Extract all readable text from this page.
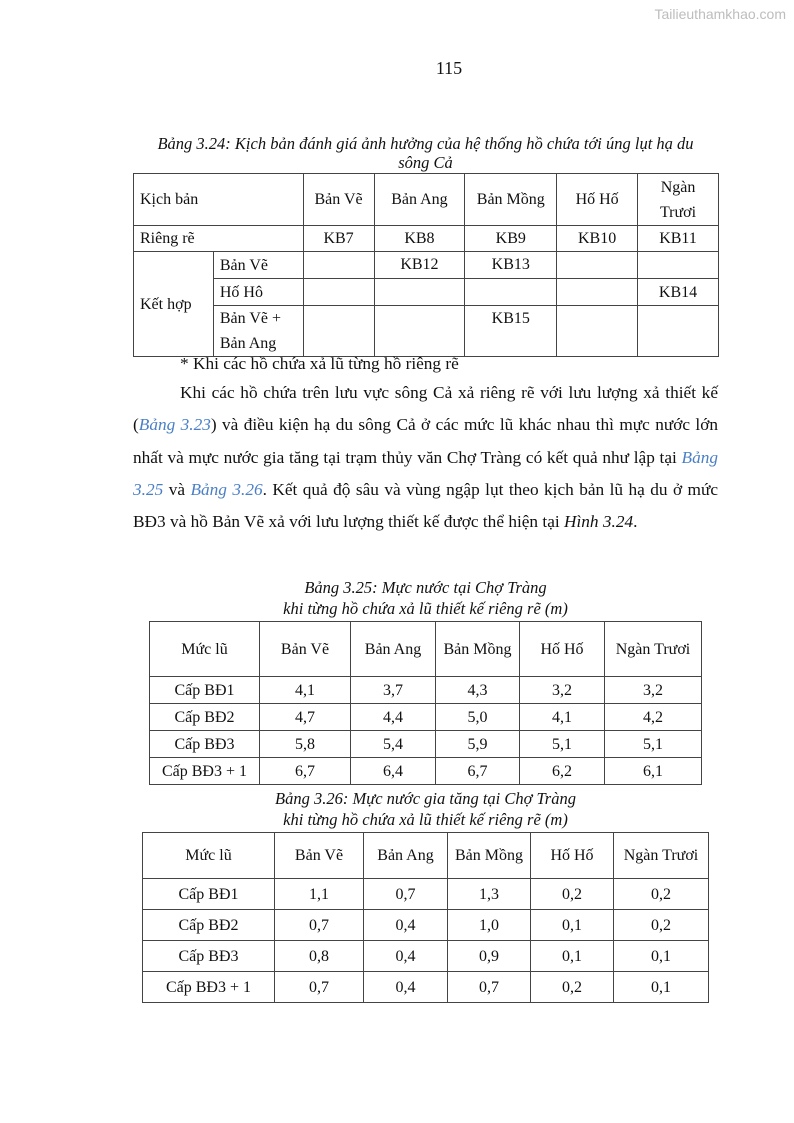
Tailieuthamkhao.com
115
Bảng 3.24: Kịch bản đánh giá ảnh hưởng của hệ thống hồ chứa tới úng lụt hạ du
sông Cả
Kịch bản		Bản Vẽ	Bản Ang	Bản Mồng	Hố Hố	Ngàn Trươi
Riêng rẽ		KB7	KB8	KB9	KB10	KB11
Kết hợp	Bản Vẽ		KB12	KB13		
	Hố Hô					KB14
	Bản Vẽ + Bản Ang			KB15		
* Khi các hồ chứa xả lũ từng hồ riêng rẽ
Khi các hồ chứa trên lưu vực sông Cả xả riêng rẽ với lưu lượng xả thiết kế (Bảng 3.23) và điều kiện hạ du sông Cả ở các mức lũ khác nhau thì mực nước lớn nhất và mực nước gia tăng tại trạm thủy văn Chợ Tràng có kết quả như lập tại Bảng 3.25 và Bảng 3.26. Kết quả độ sâu và vùng ngập lụt theo kịch bản lũ hạ du ở mức BĐ3 và hồ Bản Vẽ xả với lưu lượng thiết kế được thể hiện tại Hình 3.24.
Bảng 3.25: Mực nước tại Chợ Tràng
khi từng hồ chứa xả lũ thiết kế riêng rẽ (m)
Mức lũ	Bản Vẽ	Bản Ang	Bản Mồng	Hố Hố	Ngàn Trươi
Cấp BĐ1	4,1	3,7	4,3	3,2	3,2
Cấp BĐ2	4,7	4,4	5,0	4,1	4,2
Cấp BĐ3	5,8	5,4	5,9	5,1	5,1
Cấp BĐ3 + 1	6,7	6,4	6,7	6,2	6,1
Bảng 3.26: Mực nước gia tăng tại Chợ Tràng
khi từng hồ chứa xả lũ thiết kế riêng rẽ (m)
Mức lũ	Bản Vẽ	Bản Ang	Bản Mồng	Hố Hố	Ngàn Trươi
Cấp BĐ1	1,1	0,7	1,3	0,2	0,2
Cấp BĐ2	0,7	0,4	1,0	0,1	0,2
Cấp BĐ3	0,8	0,4	0,9	0,1	0,1
Cấp BĐ3 + 1	0,7	0,4	0,7	0,2	0,1
